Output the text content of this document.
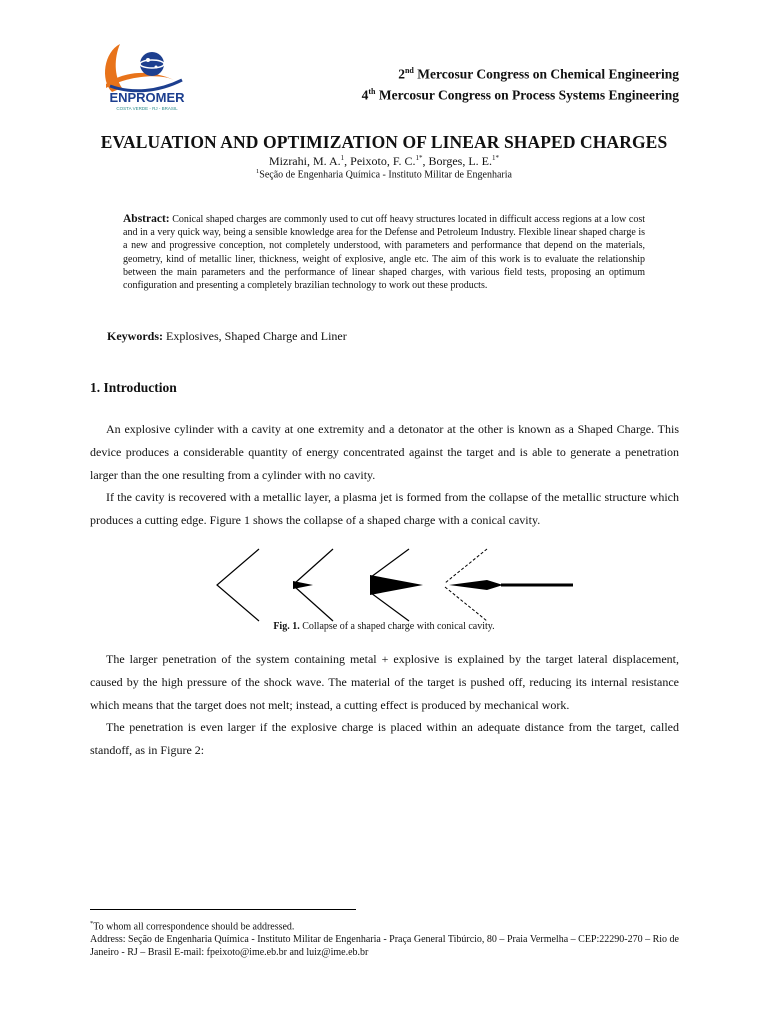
ENPROMER
COSTA VERDE - RJ - BRASIL
2nd Mercosur Congress on Chemical Engineering
4th Mercosur Congress on Process Systems Engineering
EVALUATION AND OPTIMIZATION OF LINEAR SHAPED CHARGES
Mizrahi, M. A.$^1$, Peixoto, F. C.$^{1*}$, Borges, L. E.$^{1*}$
$^1$Seção de Engenharia Química - Instituto Militar de Engenharia
Abstract: Conical shaped charges are commonly used to cut off heavy structures located in difficult access regions at a low cost and in a very quick way, being a sensible knowledge area for the Defense and Petroleum Industry. Flexible linear shaped charge is a new and progressive conception, not completely understood, with parameters and performance that depend on the materials, geometry, kind of metallic liner, thickness, weight of explosive, angle etc. The aim of this work is to evaluate the relationship between the main parameters and the performance of linear shaped charges, with various field tests, proposing an optimum configuration and presenting a completely brazilian technology to work out these products.
Keywords: Explosives, Shaped Charge and Liner
1. Introduction
An explosive cylinder with a cavity at one extremity and a detonator at the other is known as a Shaped Charge. This device produces a considerable quantity of energy concentrated against the target and is able to generate a penetration larger than the one resulting from a cylinder with no cavity.
If the cavity is recovered with a metallic layer, a plasma jet is formed from the collapse of the metallic structure which produces a cutting edge. Figure 1 shows the collapse of a shaped charge with a conical cavity.
Fig. 1. Collapse of a shaped charge with conical cavity.
The larger penetration of the system containing metal + explosive is explained by the target lateral displacement, caused by the high pressure of the shock wave. The material of the target is pushed off, reducing its internal resistance which means that the target does not melt; instead, a cutting effect is produced by mechanical work.
The penetration is even larger if the explosive charge is placed within an adequate distance from the target, called standoff, as in Figure 2:
*To whom all correspondence should be addressed.
Address: Seção de Engenharia Química - Instituto Militar de Engenharia - Praça General Tibúrcio, 80 – Praia Vermelha – CEP:22290-270 – Rio de Janeiro - RJ – Brasil E-mail: fpeixoto@ime.eb.br and luiz@ime.eb.br
